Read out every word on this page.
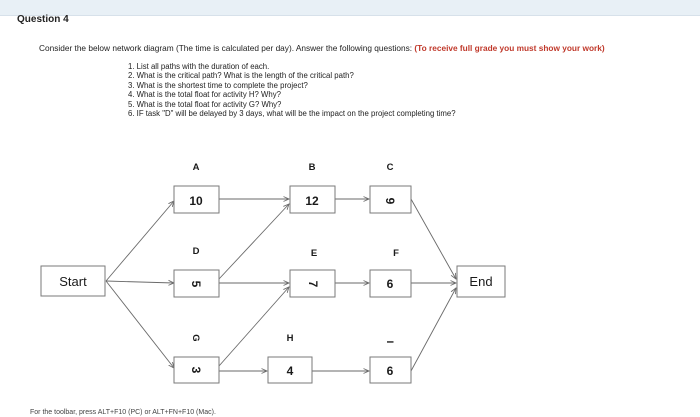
Question 4
Consider the below network diagram (The time is calculated per day). Answer the following questions: (To receive full grade you must show your work)
1. List all paths with the duration of each.
2. What is the critical path? What is the length of the critical path?
3. What is the shortest time to complete the project?
4. What is the total float for activity H? Why?
5. What is the total float for activity G? Why?
6. IF task "D" will be delayed by 3 days, what will be the impact on the project completing time?
Start	End
A
10
B
12
C
9
D
5
E
7
F
6
G
3
H
4
I
6
For the toolbar, press ALT+F10 (PC) or ALT+FN+F10 (Mac).
